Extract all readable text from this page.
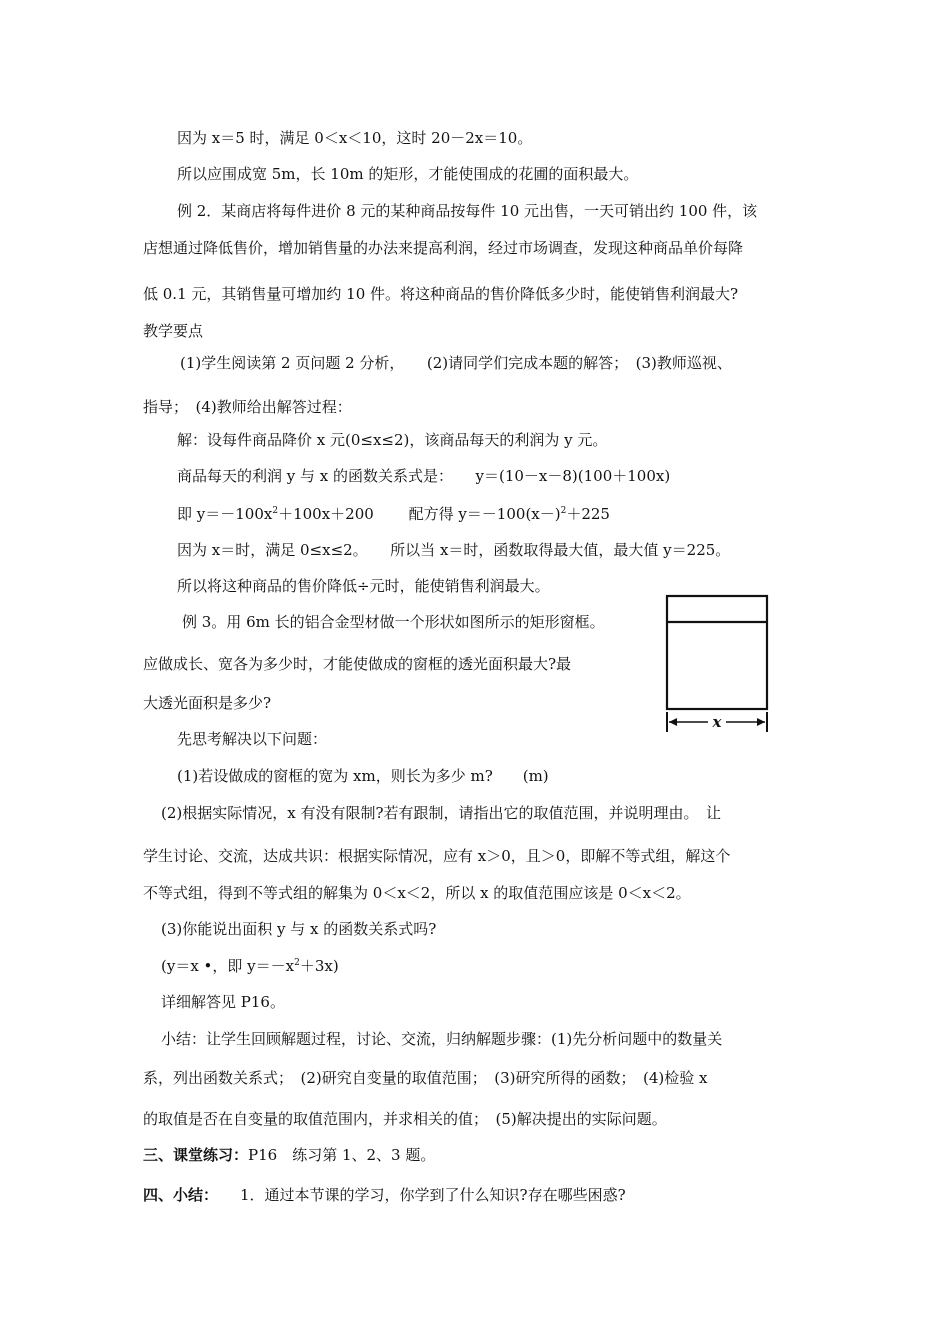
因为 x＝5 时，满足 0＜x＜10，这时 20－2x＝10。
所以应围成宽 5m，长 10m 的矩形，才能使围成的花圃的面积最大。
例 2．某商店将每件进价 8 元的某种商品按每件 10 元出售，一天可销出约 100 件，该
店想通过降低售价，增加销售量的办法来提高利润，经过市场调查，发现这种商品单价每降
低 0.1 元，其销售量可增加约 10 件。将这种商品的售价降低多少时，能使销售利润最大?
教学要点
(1)学生阅读第 2 页问题 2 分析，　　(2)请同学们完成本题的解答；　(3)教师巡视、
指导；　(4)教师给出解答过程：
解：设每件商品降价 x 元(0≤x≤2)，该商品每天的利润为 y 元。
商品每天的利润 y 与 x 的函数关系式是：　　y＝(10－x－8)(100＋100x)
即 $y=-100x^2+100x+200$　　 配方得 $y=-100(x-)^2+225$
因为 x＝时，满足 0≤x≤2。　　所以当 x＝时，函数取得最大值，最大值 y＝225。
所以将这种商品的售价降低÷元时，能使销售利润最大。
例 3。用 6m 长的铝合金型材做一个形状如图所示的矩形窗框。
应做成长、宽各为多少时，才能使做成的窗框的透光面积最大?最
大透光面积是多少?
先思考解决以下问题：
(1)若设做成的窗框的宽为 xm，则长为多少 m?　　(m)
(2)根据实际情况，x 有没有限制?若有跟制，请指出它的取值范围，并说明理由。　让
学生讨论、交流，达成共识：根据实际情况，应有 x＞0，且＞0，即解不等式组，解这个
不等式组，得到不等式组的解集为 0＜x＜2，所以 x 的取值范围应该是 0＜x＜2。
(3)你能说出面积 y 与 x 的函数关系式吗?
(y＝x •，即 $y=-x^2+3x$)
详细解答见 P16。
小结：让学生回顾解题过程，讨论、交流，归纳解题步骤：(1)先分析问题中的数量关
系，列出函数关系式；　(2)研究自变量的取值范围；　(3)研究所得的函数；　(4)检验 x
的取值是否在自变量的取值范围内，并求相关的值；　(5)解决提出的实际问题。
三、课堂练习：P16　练习第 1、2、3 题。
四、小结： 1．通过本节课的学习，你学到了什么知识?存在哪些困惑?
x
